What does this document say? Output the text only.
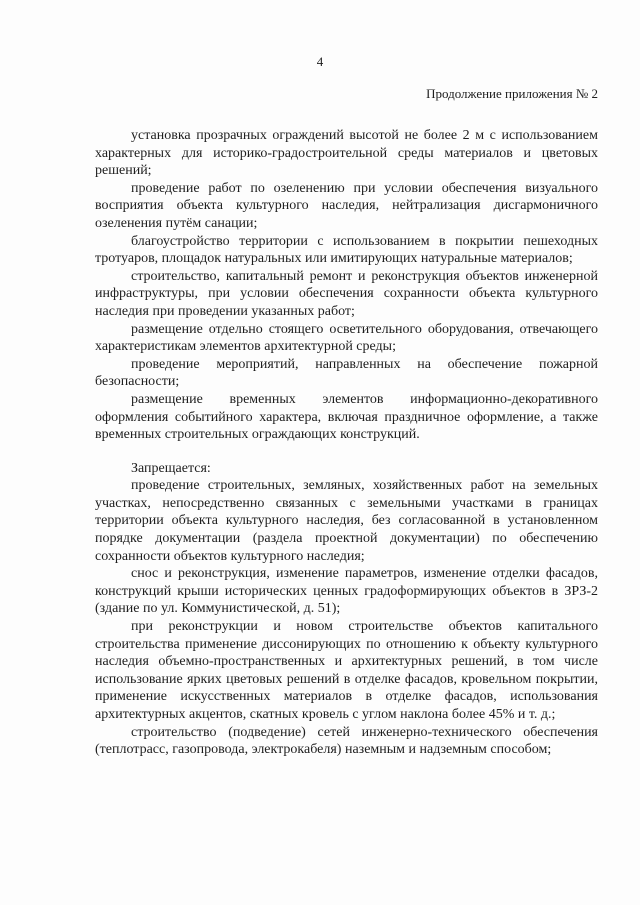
4
Продолжение приложения № 2

установка прозрачных ограждений высотой не более 2 м с использованием характерных для историко-градостроительной среды материалов и цветовых решений;

проведение работ по озеленению при условии обеспечения визуального восприятия объекта культурного наследия, нейтрализация дисгармоничного озеленения путём санации;

благоустройство территории с использованием в покрытии пешеходных тротуаров, площадок натуральных или имитирующих натуральные материалов;

строительство, капитальный ремонт и реконструкция объектов инженерной инфраструктуры, при условии обеспечения сохранности объекта культурного наследия при проведении указанных работ;

размещение отдельно стоящего осветительного оборудования, отвечающего характеристикам элементов архитектурной среды;

проведение мероприятий, направленных на обеспечение пожарной безопасности;

размещение временных элементов информационно-декоративного оформления событийного характера, включая праздничное оформление, а также временных строительных ограждающих конструкций.

Запрещается:

проведение строительных, земляных, хозяйственных работ на земельных участках, непосредственно связанных с земельными участками в границах территории объекта культурного наследия, без согласованной в установленном порядке документации (раздела проектной документации) по обеспечению сохранности объектов культурного наследия;

снос и реконструкция, изменение параметров, изменение отделки фасадов, конструкций крыши исторических ценных градоформирующих объектов в ЗРЗ-2 (здание по ул. Коммунистической, д. 51);

при реконструкции и новом строительстве объектов капитального строительства применение диссонирующих по отношению к объекту культурного наследия объемно-пространственных и архитектурных решений, в том числе использование ярких цветовых решений в отделке фасадов, кровельном покрытии, применение искусственных материалов в отделке фасадов, использования архитектурных акцентов, скатных кровель с углом наклона более 45% и т. д.;

строительство (подведение) сетей инженерно-технического обеспечения (теплотрасс, газопровода, электрокабеля) наземным и надземным способом;
